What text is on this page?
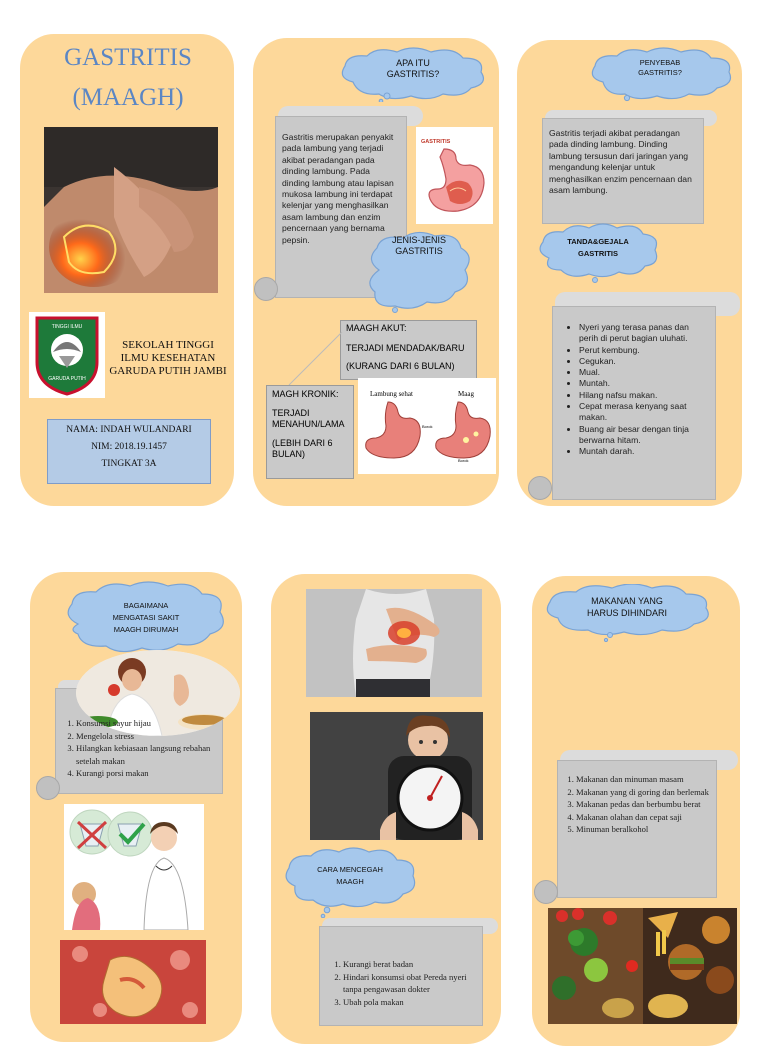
GASTRITIS
(MAAGH)
TINGGI ILMU
GARUDA PUTIH
SEKOLAH TINGGI
ILMU KESEHATAN
GARUDA PUTIH JAMBI
NAMA: INDAH WULANDARI
NIM: 2018.19.1457
TINGKAT 3A
APA ITU
GASTRITIS?
Gastritis merupakan penyakit pada lambung yang terjadi akibat peradangan pada dinding lambung. Pada dinding lambung atau lapisan mukosa lambung ini terdapat kelenjar yang menghasilkan asam lambung dan enzim pencernaan yang bernama pepsin.
GASTRITIS
JENIS-JENIS
GASTRITIS
MAAGH AKUT:
TERJADI MENDADAK/BARU
(KURANG DARI 6 BULAN)
MAGH KRONIK:
TERJADI MENAHUN/LAMA
(LEBIH DARI 6 BULAN)
Lambung sehat	Maag
Borok
Borok
PENYEBAB
GASTRITIS?
Gastritis terjadi akibat peradangan pada dinding lambung. Dinding lambung tersusun dari jaringan yang mengandung kelenjar untuk menghasilkan enzim pencernaan dan asam lambung.
TANDA&GEJALA
GASTRITIS
• Nyeri yang terasa panas dan perih di perut bagian uluhati.
• Perut kembung.
• Cegukan.
• Mual.
• Muntah.
• Hilang nafsu makan.
• Cepat merasa kenyang saat makan.
• Buang air besar dengan tinja berwarna hitam.
• Muntah darah.
BAGAIMANA
MENGATASI SAKIT
MAAGH DIRUMAH
1. Konsumsi sayur hijau
2. Mengelola stress
3. Hilangkan kebiasaan langsung rebahan setelah makan
4. Kurangi porsi makan
CARA MENCEGAH
MAAGH
1. Kurangi berat badan
2. Hindari konsumsi obat Pereda nyeri tanpa pengawasan dokter
3. Ubah pola makan
MAKANAN YANG
HARUS DIHINDARI
1. Makanan dan minuman masam
2. Makanan yang di goring dan berlemak
3. Makanan pedas dan berbumbu berat
4. Makanan olahan dan cepat saji
5. Minuman beralkohol
